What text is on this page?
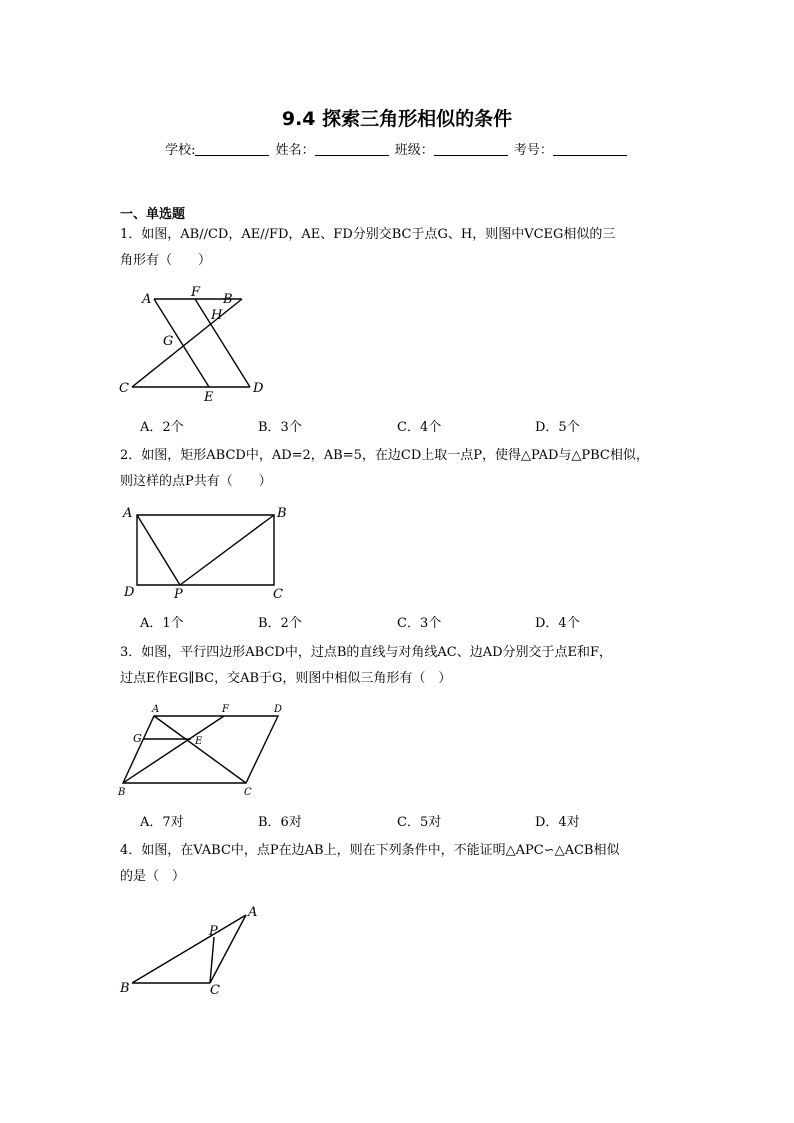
9.4 探索三角形相似的条件
学校:	姓名：	班级：	考号：
一、单选题
1．如图，AB//CD，AE//FD，AE、FD分别交BC于点G、H，则图中VCEG相似的三
角形有（　　）
A	F B
H
G
C
E
D
A．2个	B．3个	C．4个	D．5个
2．如图，矩形ABCD中，AD=2，AB=5，在边CD上取一点P，使得△PAD与△PBC相似，
则这样的点P共有（　　）
A	B
D	P	C
A．1个	B．2个	C．3个	D．4个
3．如图，平行四边形ABCD中，过点B的直线与对角线AC、边AD分别交于点E和F，
过点E作EG∥BC，交AB于G，则图中相似三角形有（　）
A	F	D
G	E
B	C
A．7对	B．6对	C．5对	D．4对
4．如图，在VABC中，点P在边AB上，则在下列条件中，不能证明△APC∽△ACB相似
的是（　）
A
P
B	C
